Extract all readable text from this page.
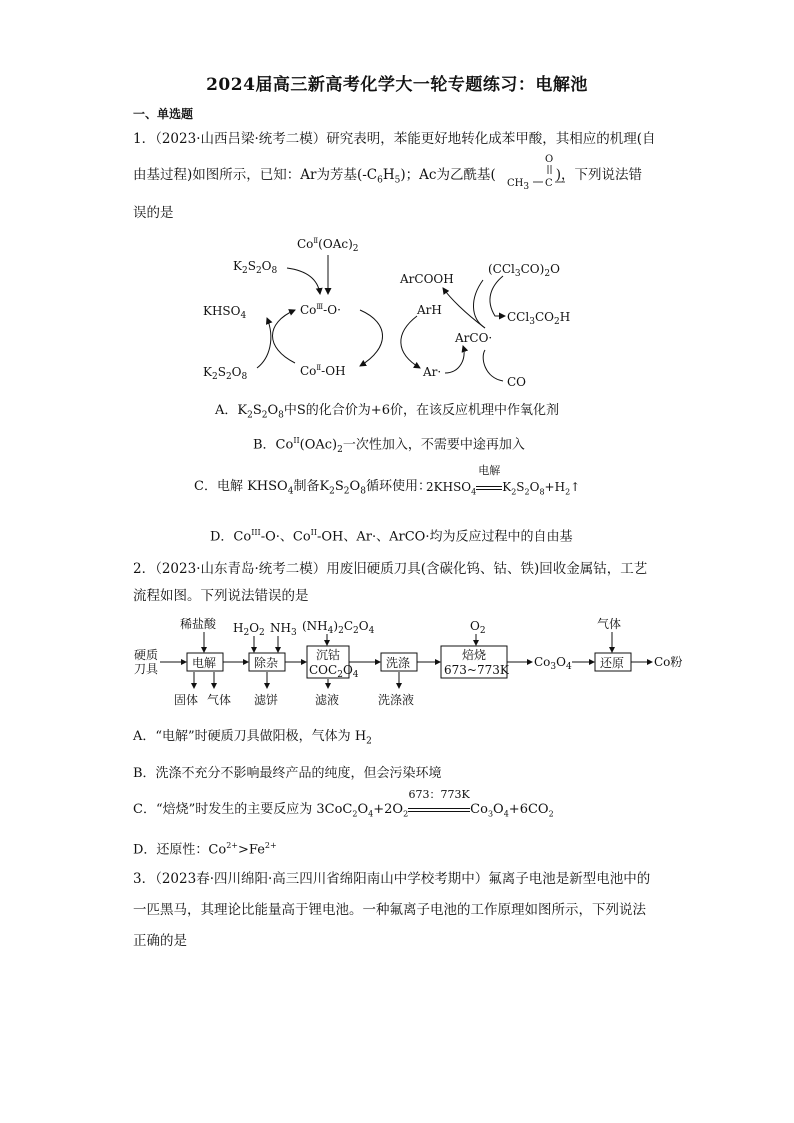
2024届高三新高考化学大一轮专题练习：电解池
一、单选题
1．（2023·山西吕梁·统考二模）研究表明，苯能更好地转化成苯甲酸，其相应的机理(自
由基过程)如图所示，已知：Ar为芳基$(-C_6H_5)$；Ac为乙酰基(	)，下列说法错
O
CH3 C
误的是
$Co^Ⅱ(OAc)_2$
$K_2S_2O_8$
$Co^Ⅲ-O\cdot$
$KHSO_4$
$K_2S_2O_8$	$Co^Ⅱ-OH$
ArH
Ar·
ArCO·
CO
ArCOOH
$(CCl_3CO)_2O$
$CCl_3CO_2H$
A．$K_2S_2O_8$中S的化合价为+6价，在该反应机理中作氧化剂
B．$Co^{II}(OAc)_2$一次性加入，不需要中途再加入
C．电解 $KHSO_4$制备$K_2S_2O_8$循环使用：
$2KHSO_4$
电解
$K_2S_2O_8+H_2↑$
D．$Co^{III}-O\cdot$、$Co^{II}-OH$、Ar·、ArCO·均为反应过程中的自由基
2．（2023·山东青岛·统考二模）用废旧硬质刀具(含碳化钨、钴、铁)回收金属钴，工艺
流程如图。下列说法错误的是
硬质
刀具
稀盐酸
电解
固体 气体
$H_2O_2$ $NH_3$
除杂
滤饼
$(NH_4)_2C_2O_4$
沉钴
$COC_2O_4$
滤液
洗涤
洗涤液
$O_2$
焙烧
673~773K
$Co_3O_4$
气体
还原 Co粉
A．“电解”时硬质刀具做阳极，气体为 $H_2$
B．洗涤不充分不影响最终产品的纯度，但会污染环境
C．“焙烧”时发生的主要反应为 $3CoC_2O_4+2O_2$
673：773K
$Co_3O_4+6CO_2$
D．还原性：$Co^{2+}>Fe^{2+}$
3．（2023春·四川绵阳·高三四川省绵阳南山中学校考期中）氟离子电池是新型电池中的
一匹黑马，其理论比能量高于锂电池。一种氟离子电池的工作原理如图所示，下列说法
正确的是
